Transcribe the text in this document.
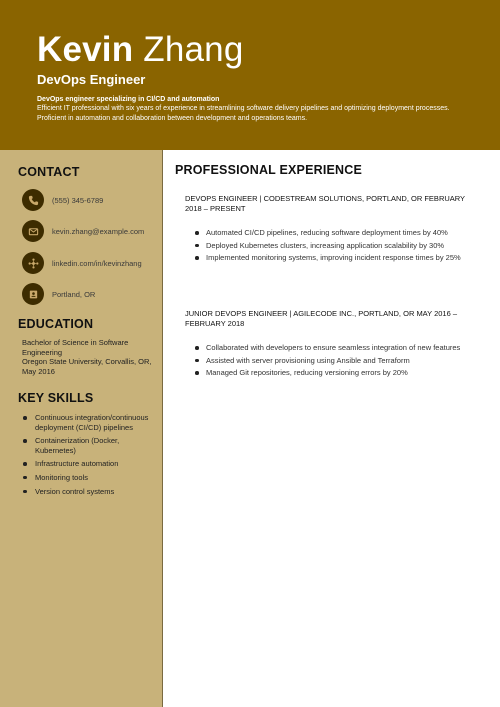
Kevin Zhang
DevOps Engineer
DevOps engineer specializing in CI/CD and automation
Efficient IT professional with six years of experience in streamlining software delivery pipelines and optimizing deployment processes. Proficient in automation and collaboration between development and operations teams.
CONTACT
(555) 345-6789
kevin.zhang@example.com
linkedin.com/in/kevinzhang
Portland, OR
EDUCATION
Bachelor of Science in Software Engineering
Oregon State University, Corvallis, OR, May 2016
KEY SKILLS
Continuous integration/continuous deployment (CI/CD) pipelines
Containerization (Docker, Kubernetes)
Infrastructure automation
Monitoring tools
Version control systems
PROFESSIONAL EXPERIENCE
DEVOPS ENGINEER | CODESTREAM SOLUTIONS, PORTLAND, OR FEBRUARY 2018 – PRESENT
Automated CI/CD pipelines, reducing software deployment times by 40%
Deployed Kubernetes clusters, increasing application scalability by 30%
Implemented monitoring systems, improving incident response times by 25%
JUNIOR DEVOPS ENGINEER | AGILECODE INC., PORTLAND, OR MAY 2016 – FEBRUARY 2018
Collaborated with developers to ensure seamless integration of new features
Assisted with server provisioning using Ansible and Terraform
Managed Git repositories, reducing versioning errors by 20%
